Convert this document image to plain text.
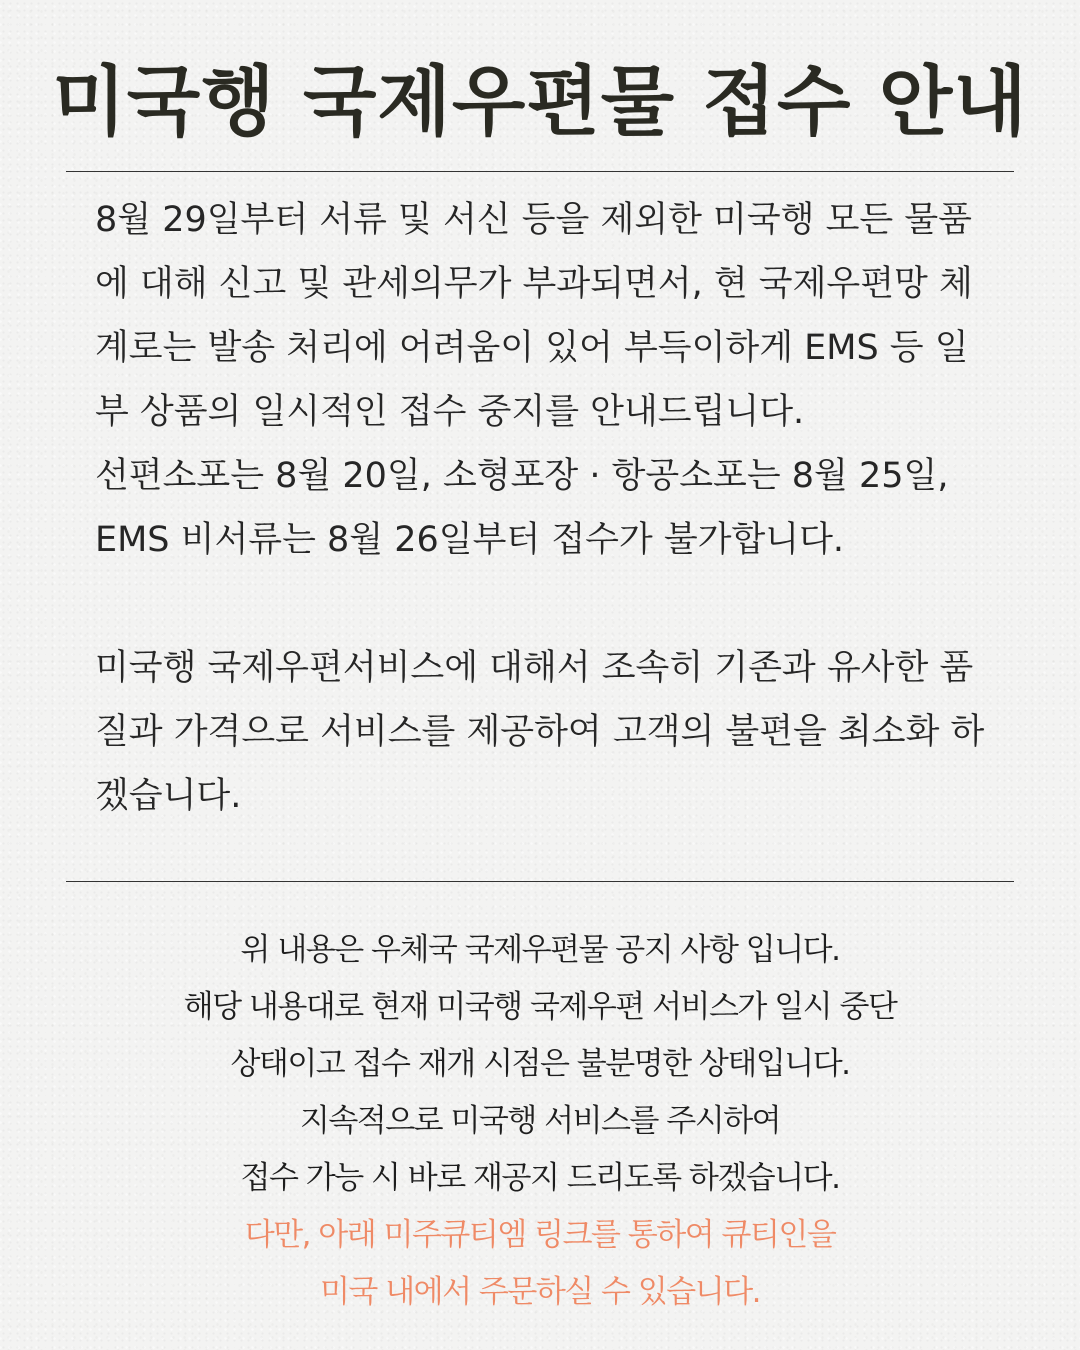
미국행 국제우편물 접수 안내

8월 29일부터 서류 및 서신 등을 제외한 미국행 모든 물품에 대해 신고 및 관세의무가 부과되면서, 현 국제우편망 체계로는 발송 처리에 어려움이 있어 부득이하게 EMS 등 일부 상품의 일시적인 접수 중지를 안내드립니다.

선편소포는 8월 20일, 소형포장 · 항공소포는 8월 25일, EMS 비서류는 8월 26일부터 접수가 불가합니다.

미국행 국제우편서비스에 대해서 조속히 기존과 유사한 품질과 가격으로 서비스를 제공하여 고객의 불편을 최소화 하겠습니다.

위 내용은 우체국 국제우편물 공지 사항 입니다.
해당 내용대로 현재 미국행 국제우편 서비스가 일시 중단
상태이고 접수 재개 시점은 불분명한 상태입니다.
지속적으로 미국행 서비스를 주시하여
접수 가능 시 바로 재공지 드리도록 하겠습니다.
다만, 아래 미주큐티엠 링크를 통하여 큐티인을
미국 내에서 주문하실 수 있습니다.
